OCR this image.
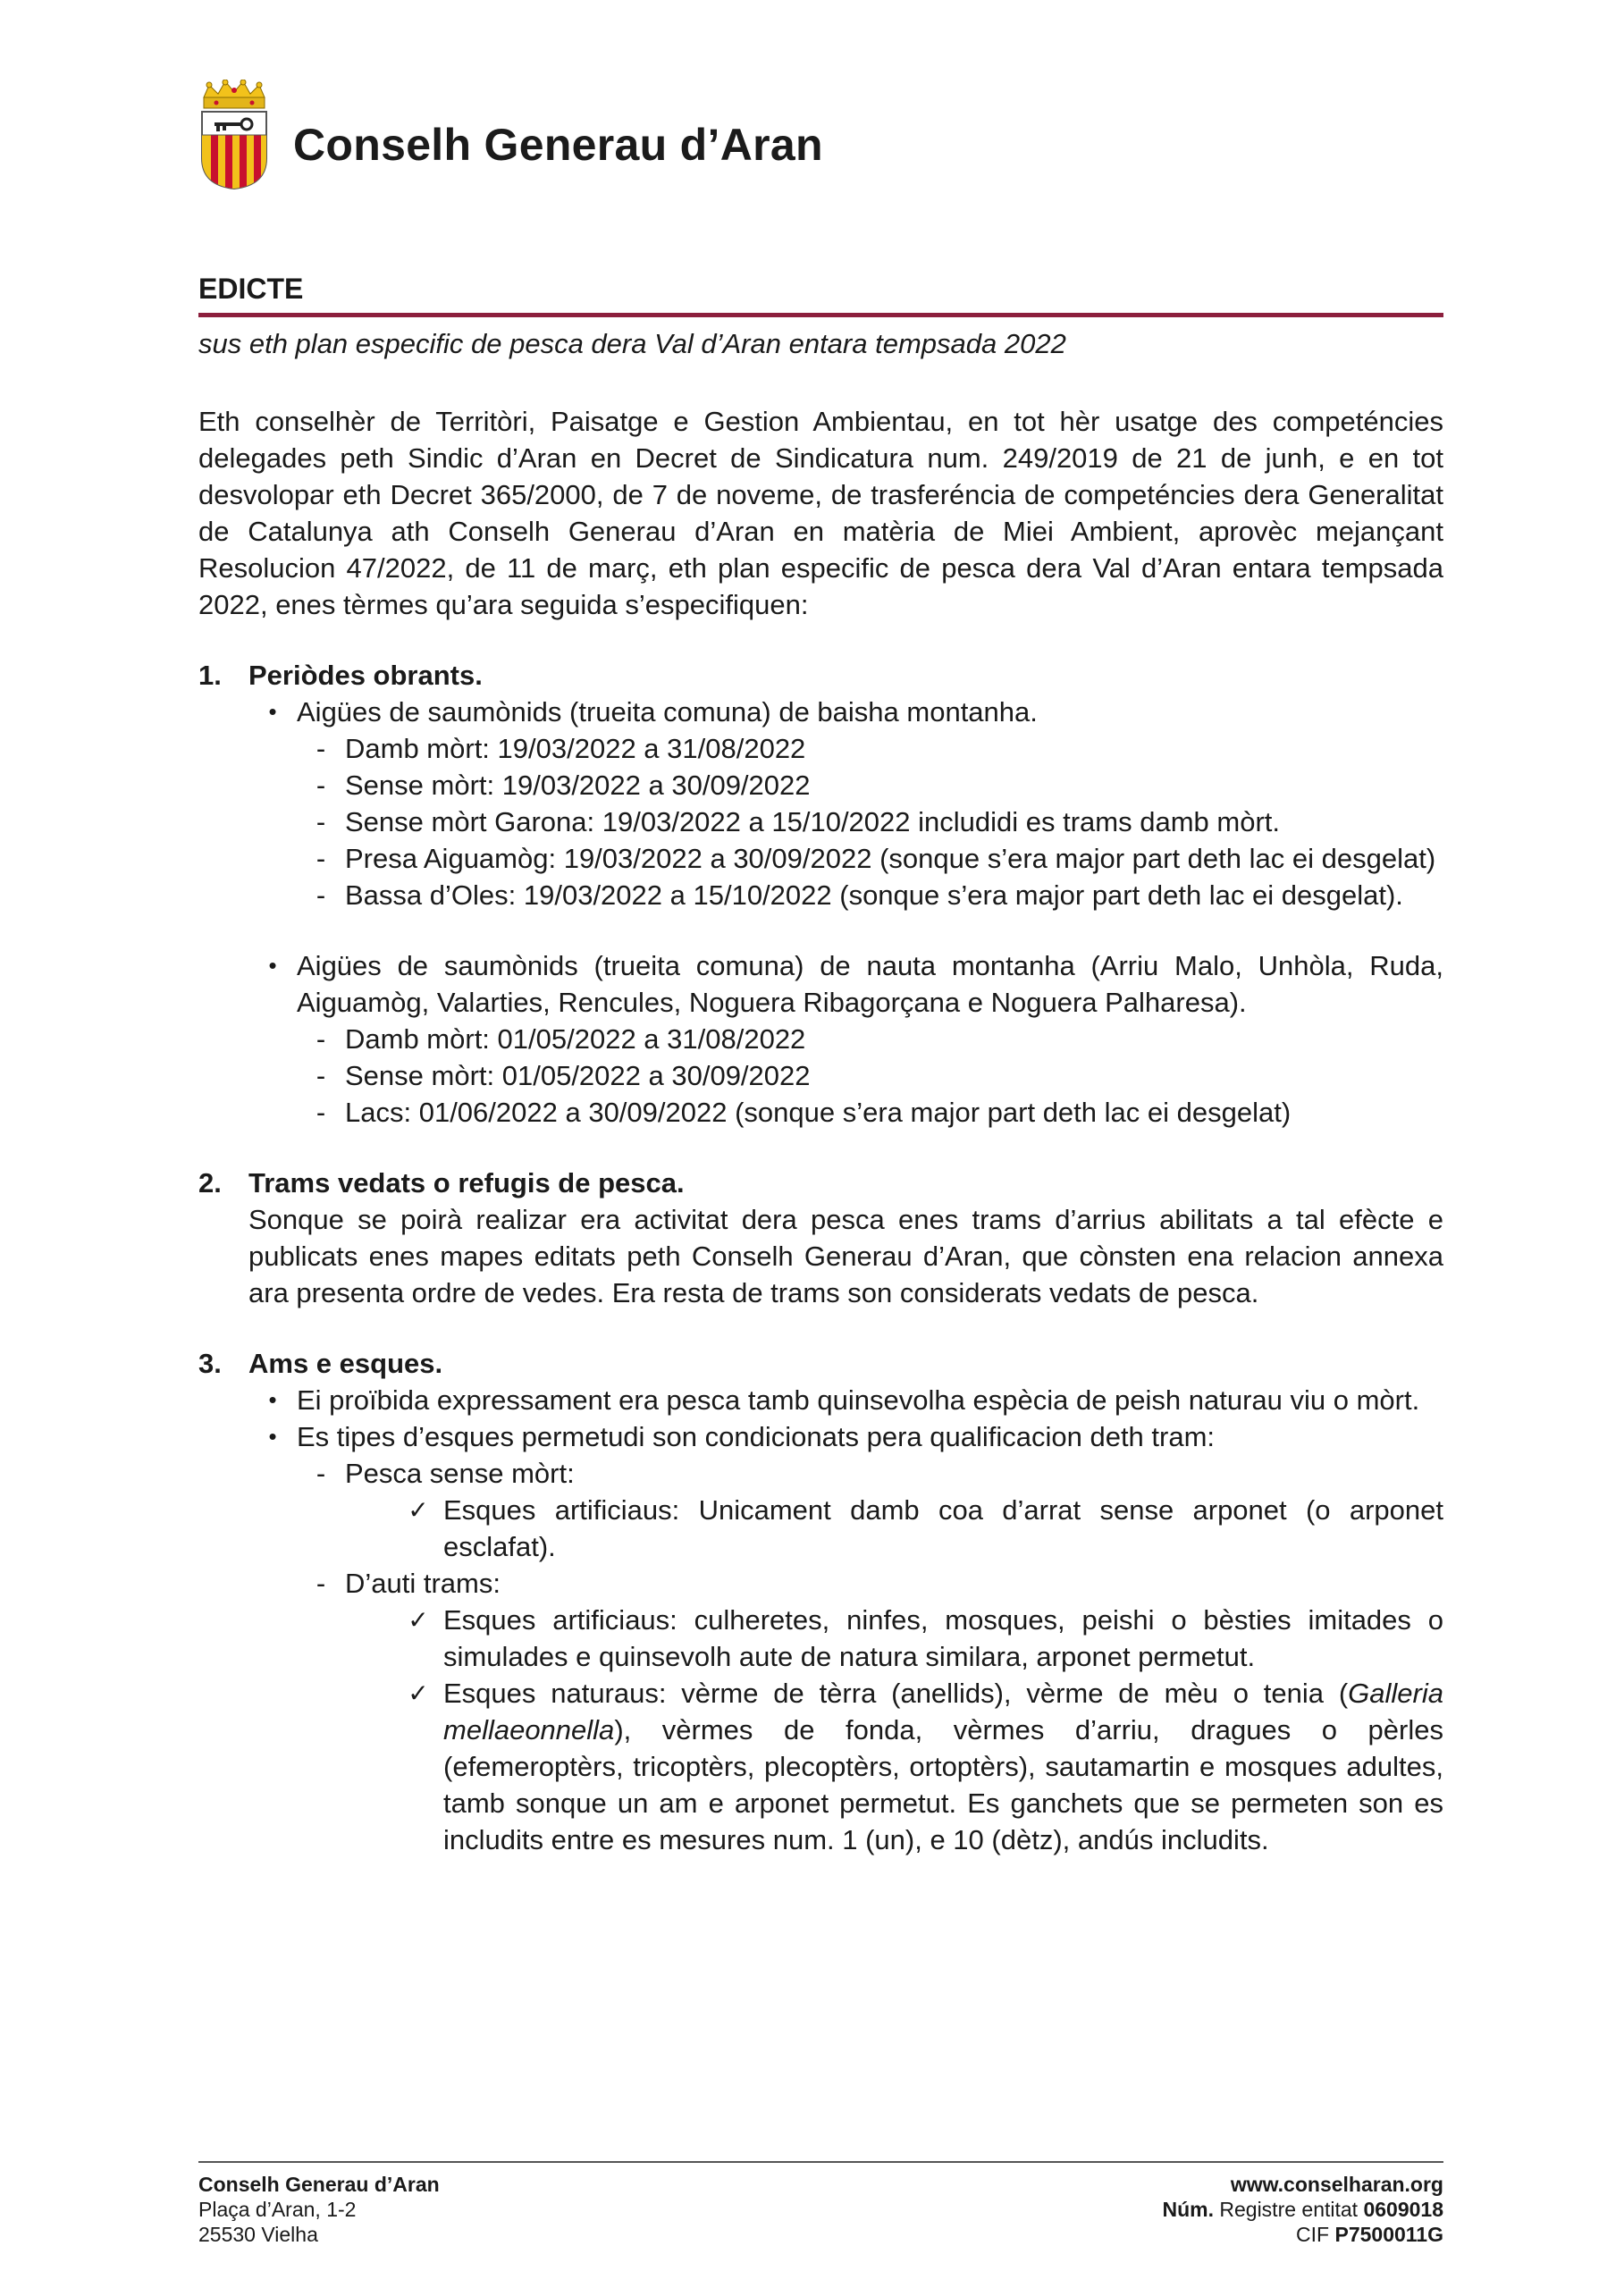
Conselh Generau d’Aran
EDICTE
sus eth plan especific de pesca dera Val d’Aran entara tempsada 2022

Eth conselhèr de Territòri, Paisatge e Gestion Ambientau, en tot hèr usatge des competéncies delegades peth Sindic d’Aran en Decret de Sindicatura num. 249/2019 de 21 de junh, e en tot desvolopar eth Decret 365/2000, de 7 de noveme, de trasferéncia de competéncies dera Generalitat de Catalunya ath Conselh Generau d’Aran en matèria de Miei Ambient, aprovèc mejançant Resolucion 47/2022, de 11 de març, eth plan especific de pesca dera Val d’Aran entara tempsada 2022, enes tèrmes qu’ara seguida s’especifiquen:

1. Periòdes obrants.
• Aigües de saumònids (trueita comuna) de baisha montanha.
- Damb mòrt: 19/03/2022 a 31/08/2022
- Sense mòrt: 19/03/2022 a 30/09/2022
- Sense mòrt Garona: 19/03/2022 a 15/10/2022 includidi es trams damb mòrt.
- Presa Aiguamòg: 19/03/2022 a 30/09/2022 (sonque s’era major part deth lac ei desgelat)
- Bassa d’Oles: 19/03/2022 a 15/10/2022 (sonque s’era major part deth lac ei desgelat).
• Aigües de saumònids (trueita comuna) de nauta montanha (Arriu Malo, Unhòla, Ruda, Aiguamòg, Valarties, Rencules, Noguera Ribagorçana e Noguera Palharesa).
- Damb mòrt: 01/05/2022 a 31/08/2022
- Sense mòrt: 01/05/2022 a 30/09/2022
- Lacs: 01/06/2022 a 30/09/2022 (sonque s’era major part deth lac ei desgelat)
2. Trams vedats o refugis de pesca.
Sonque se poirà realizar era activitat dera pesca enes trams d’arrius abilitats a tal efècte e publicats enes mapes editats peth Conselh Generau d’Aran, que cònsten ena relacion annexa ara presenta ordre de vedes. Era resta de trams son considerats vedats de pesca.
3. Ams e esques.
• Ei proïbida expressament era pesca tamb quinsevolha espècia de peish naturau viu o mòrt.
• Es tipes d’esques permetudi son condicionats pera qualificacion deth tram:
- Pesca sense mòrt:
✓ Esques artificiaus: Unicament damb coa d’arrat sense arponet (o arponet esclafat).
- D’auti trams:
✓ Esques artificiaus: culheretes, ninfes, mosques, peishi o bèsties imitades o simulades e quinsevolh aute de natura similara, arponet permetut.
✓ Esques naturaus: vèrme de tèrra (anellids), vèrme de mèu o tenia (Galleria mellaeonnella), vèrmes de fonda, vèrmes d’arriu, dragues o pèrles (efemeroptèrs, tricoptèrs, plecoptèrs, ortoptèrs), sautamartin e mosques adultes, tamb sonque un am e arponet permetut. Es ganchets que se permeten son es includits entre es mesures num. 1 (un), e 10 (dètz), andús includits.
Conselh Generau d’Aran
Plaça d’Aran, 1-2
25530 Vielha
www.conselharan.org
Núm. Registre entitat 0609018
CIF P7500011G
